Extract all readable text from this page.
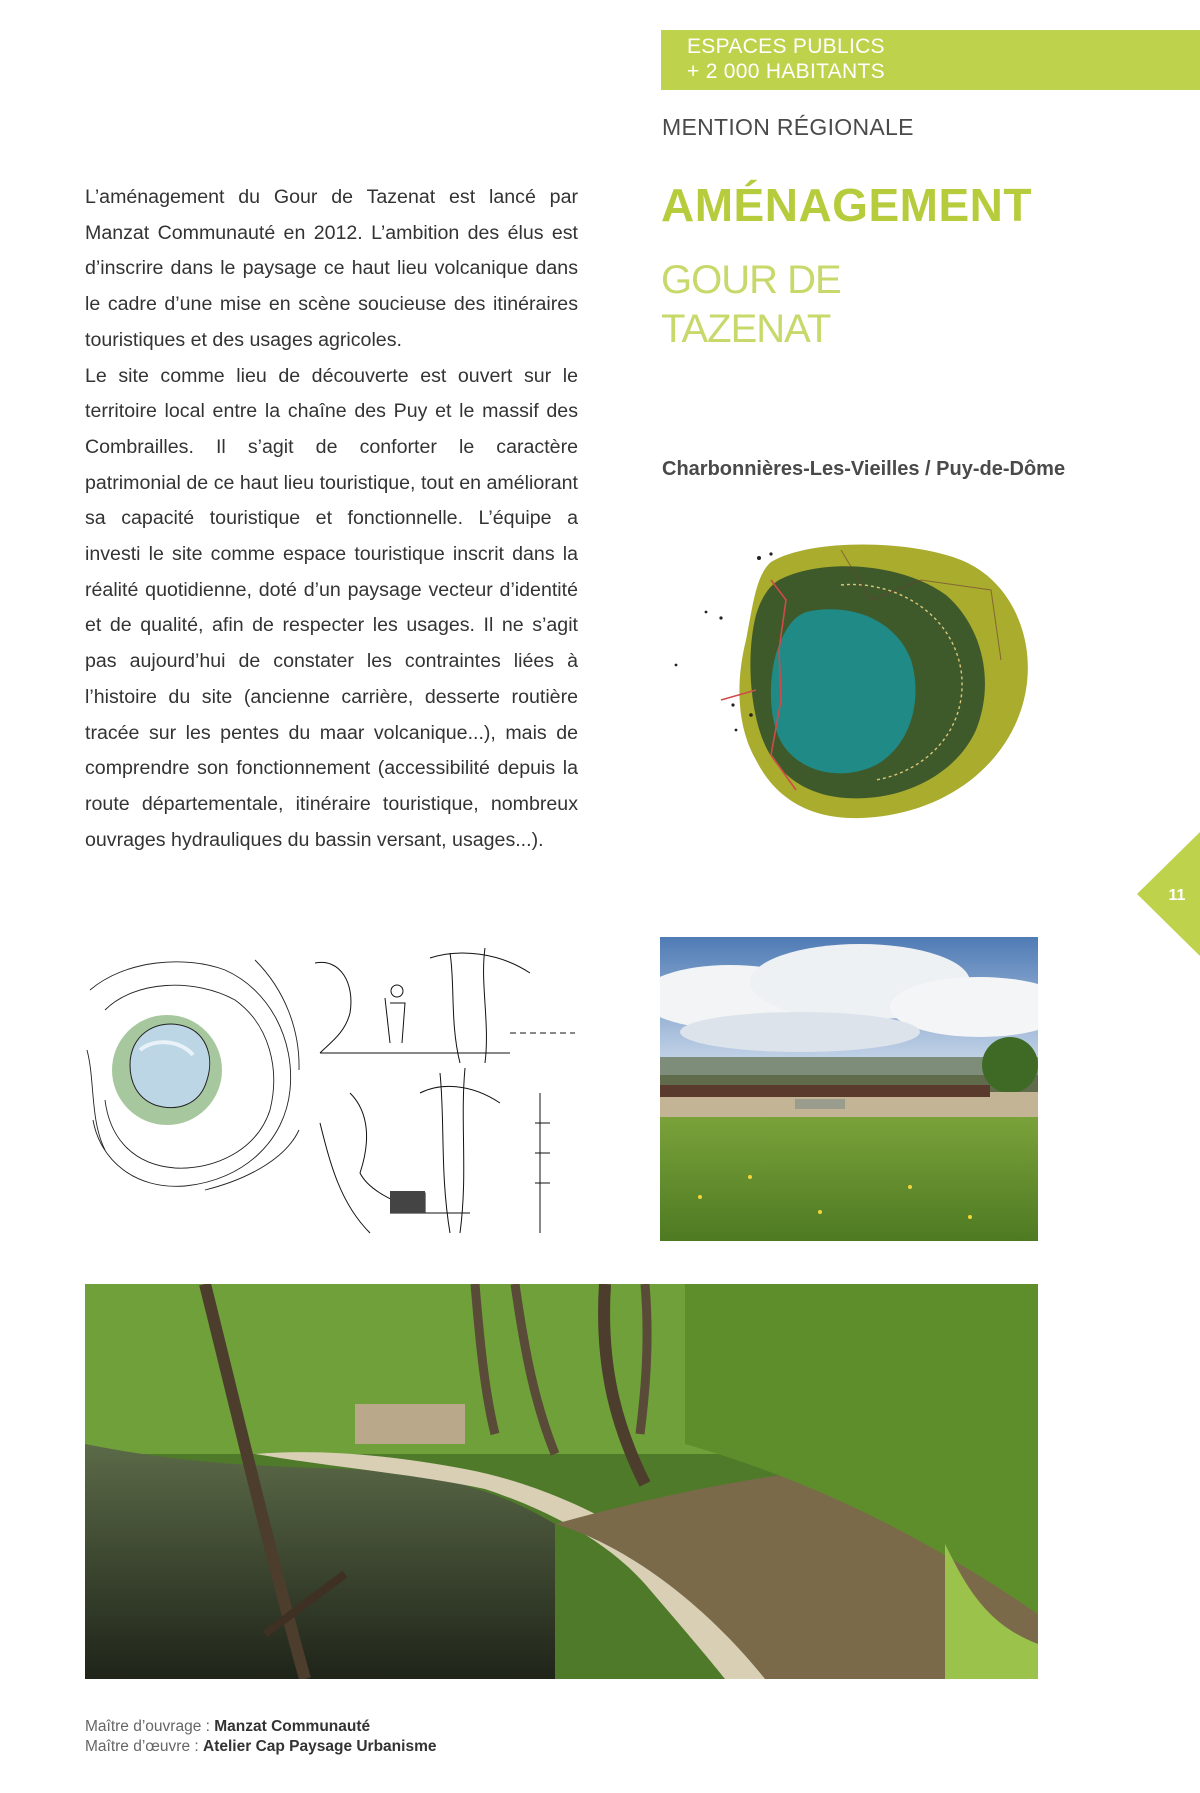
ESPACES PUBLICS
+ 2 000 HABITANTS
MENTION RÉGIONALE
AMÉNAGEMENT
GOUR DE
TAZENAT
Charbonnières-Les-Vieilles / Puy-de-Dôme

L’aménagement du Gour de Tazenat est lancé par Manzat Communauté en 2012. L’ambition des élus est d’inscrire dans le paysage ce haut lieu volcanique dans le cadre d’une mise en scène soucieuse des itinéraires touristiques et des usages agricoles.

Le site comme lieu de découverte est ouvert sur le territoire local entre la chaîne des Puy et le massif des Combrailles. Il s’agit de conforter le caractère patrimonial de ce haut lieu touristique, tout en améliorant sa capacité touristique et fonctionnelle. L’équipe a investi le site comme espace touristique inscrit dans la réalité quotidienne, doté d’un paysage vecteur d’identité et de qualité, afin de respecter les usages. Il ne s’agit pas aujourd’hui de constater les contraintes liées à l’histoire du site (ancienne carrière, desserte routière tracée sur les pentes du maar volcanique...), mais de comprendre son fonctionnement (accessibilité depuis la route départementale, itinéraire touristique, nombreux ouvrages hydrauliques du bassin versant, usages...).

11
Maître d’ouvrage : Manzat Communauté
Maître d’œuvre : Atelier Cap Paysage Urbanisme
